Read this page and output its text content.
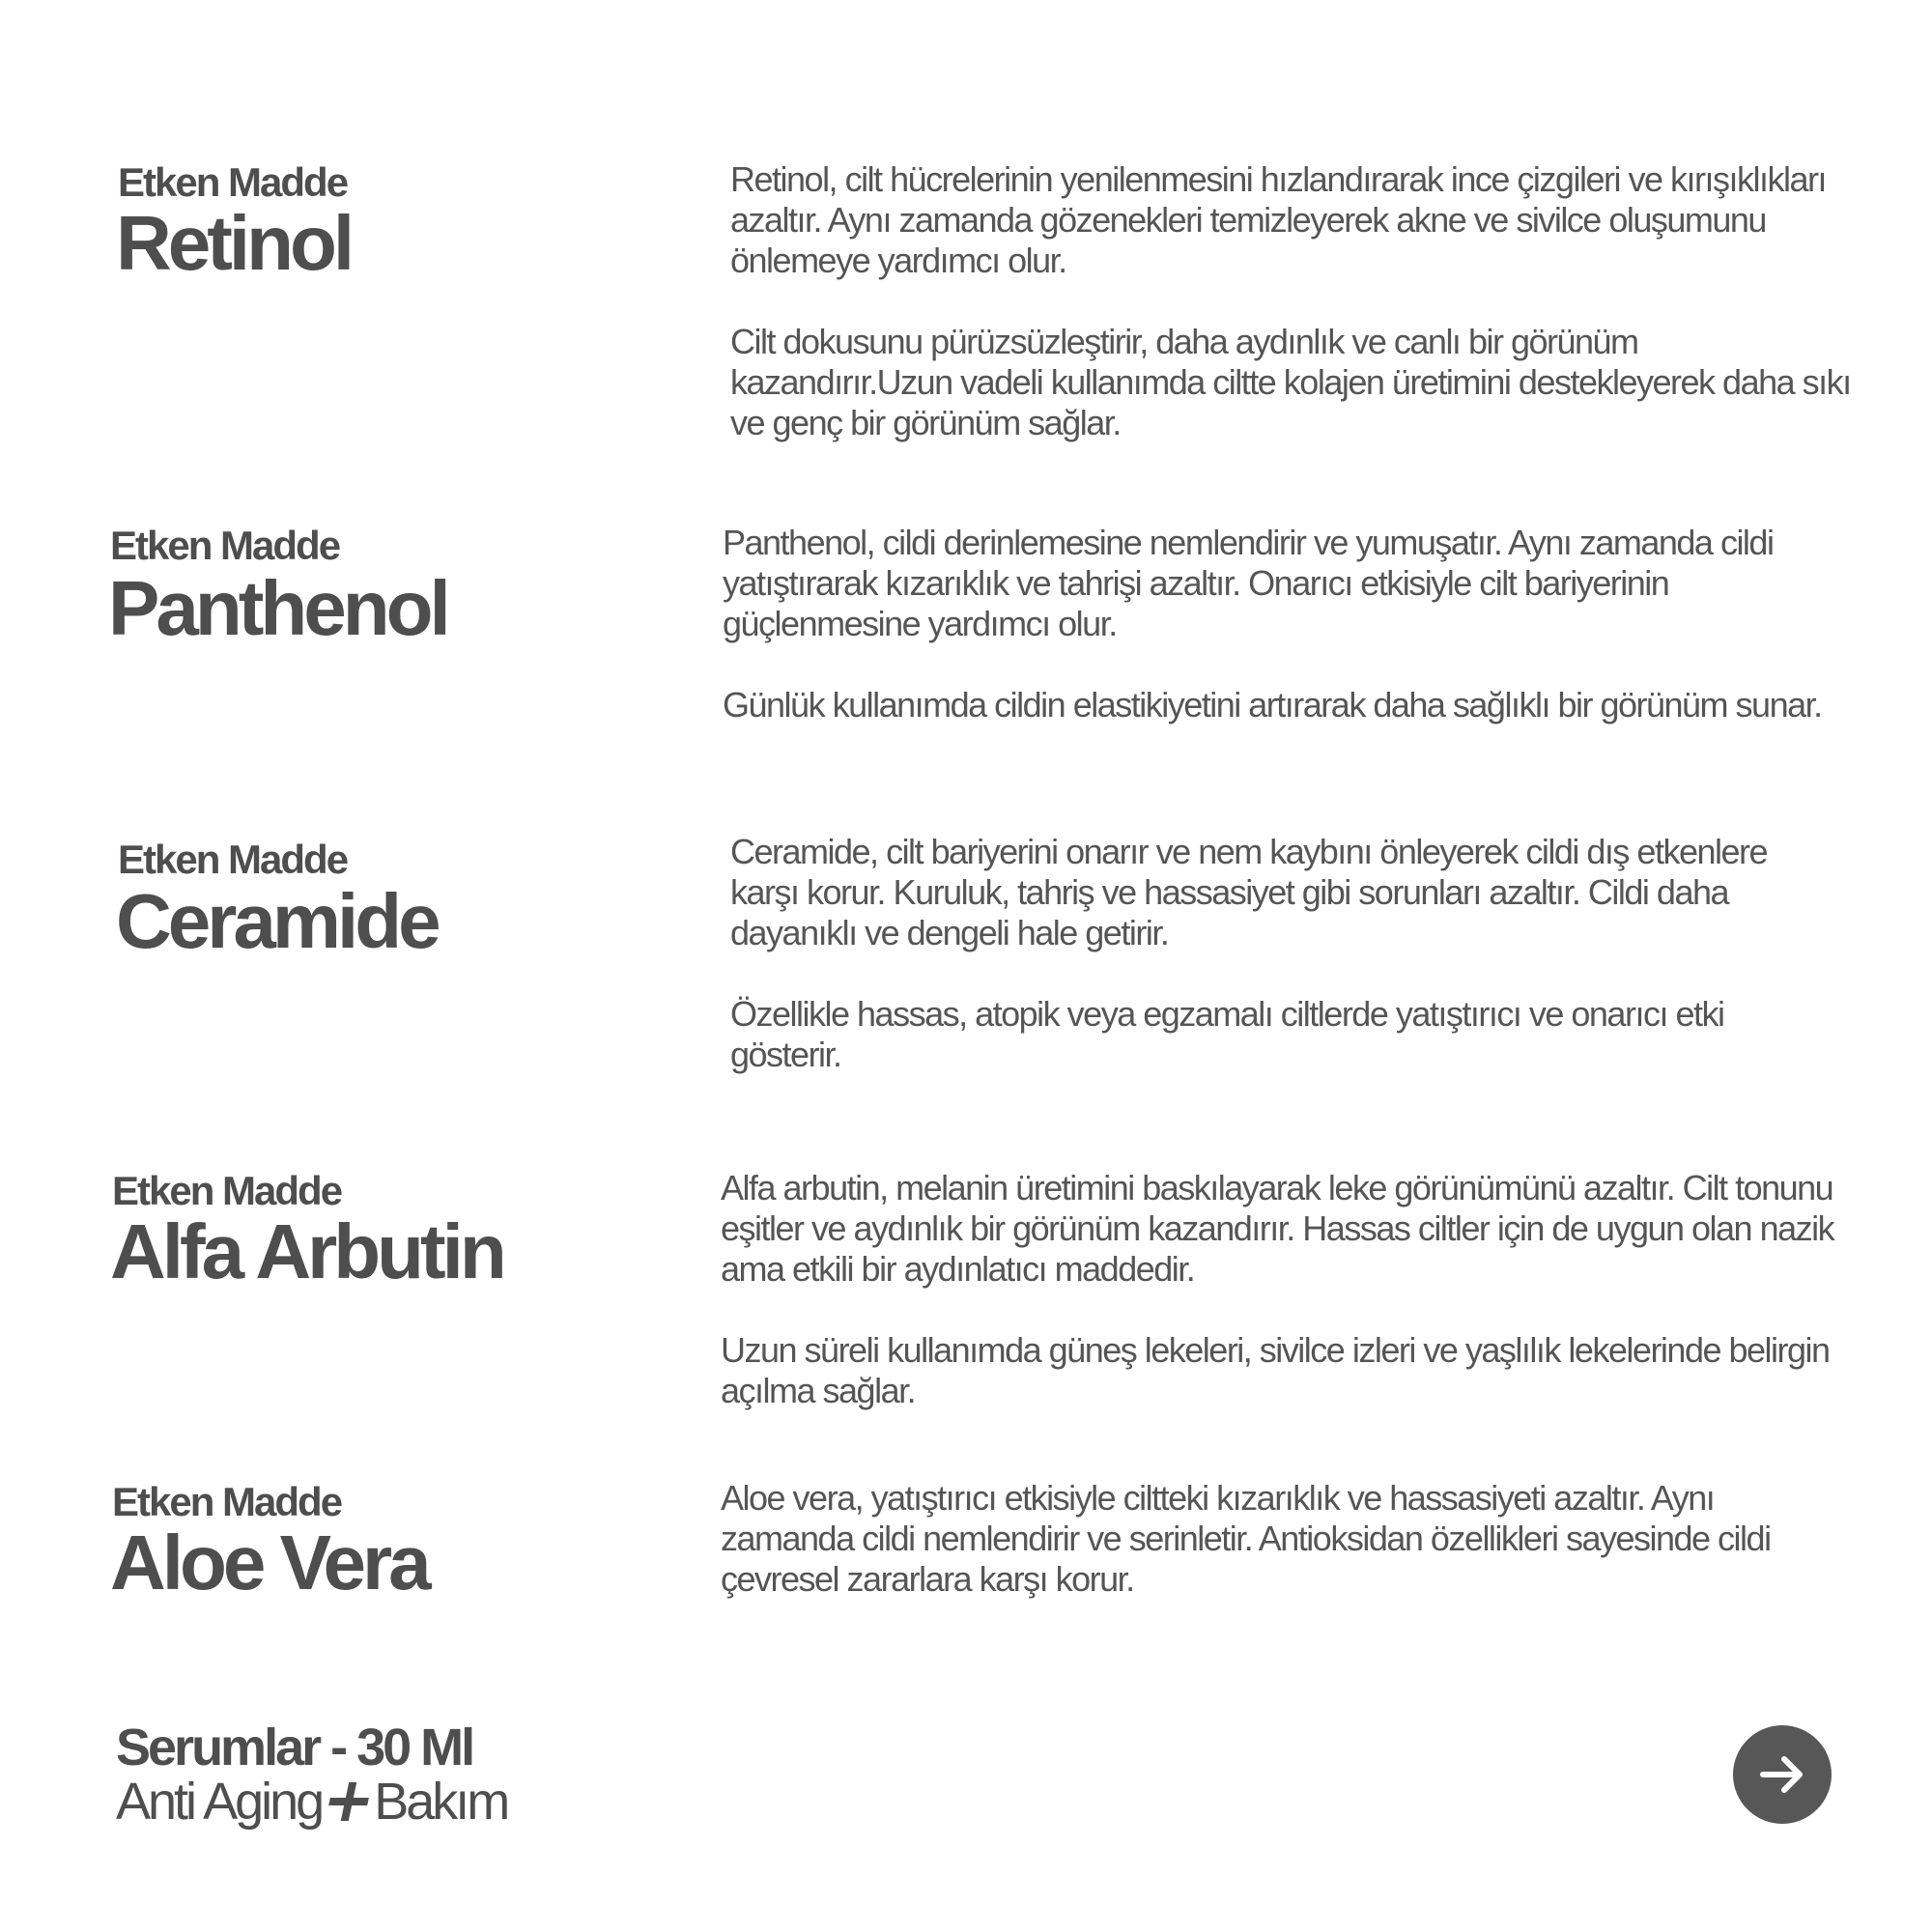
Etken Madde
Retinol

Retinol, cilt hücrelerinin yenilenmesini hızlandırarak ince çizgileri ve kırışıklıkları azaltır. Aynı zamanda gözenekleri temizleyerek akne ve sivilce oluşumunu önlemeye yardımcı olur.

Cilt dokusunu pürüzsüzleştirir, daha aydınlık ve canlı bir görünüm kazandırır.Uzun vadeli kullanımda ciltte kolajen üretimini destekleyerek daha sıkı ve genç bir görünüm sağlar.

Etken Madde
Panthenol

Panthenol, cildi derinlemesine nemlendirir ve yumuşatır. Aynı zamanda cildi yatıştırarak kızarıklık ve tahrişi azaltır. Onarıcı etkisiyle cilt bariyerinin güçlenmesine yardımcı olur.

Günlük kullanımda cildin elastikiyetini artırarak daha sağlıklı bir görünüm sunar.

Etken Madde
Ceramide

Ceramide, cilt bariyerini onarır ve nem kaybını önleyerek cildi dış etkenlere karşı korur. Kuruluk, tahriş ve hassasiyet gibi sorunları azaltır. Cildi daha dayanıklı ve dengeli hale getirir.

Özellikle hassas, atopik veya egzamalı ciltlerde yatıştırıcı ve onarıcı etki gösterir.

Etken Madde
Alfa Arbutin

Alfa arbutin, melanin üretimini baskılayarak leke görünümünü azaltır. Cilt tonunu eşitler ve aydınlık bir görünüm kazandırır. Hassas ciltler için de uygun olan nazik ama etkili bir aydınlatıcı maddedir.

Uzun süreli kullanımda güneş lekeleri, sivilce izleri ve yaşlılık lekelerinde belirgin açılma sağlar.

Etken Madde
Aloe Vera

Aloe vera, yatıştırıcı etkisiyle ciltteki kızarıklık ve hassasiyeti azaltır. Aynı zamanda cildi nemlendirir ve serinletir. Antioksidan özellikleri sayesinde cildi çevresel zararlara karşı korur.

Serumlar - 30 Ml
Anti Aging Bakım
